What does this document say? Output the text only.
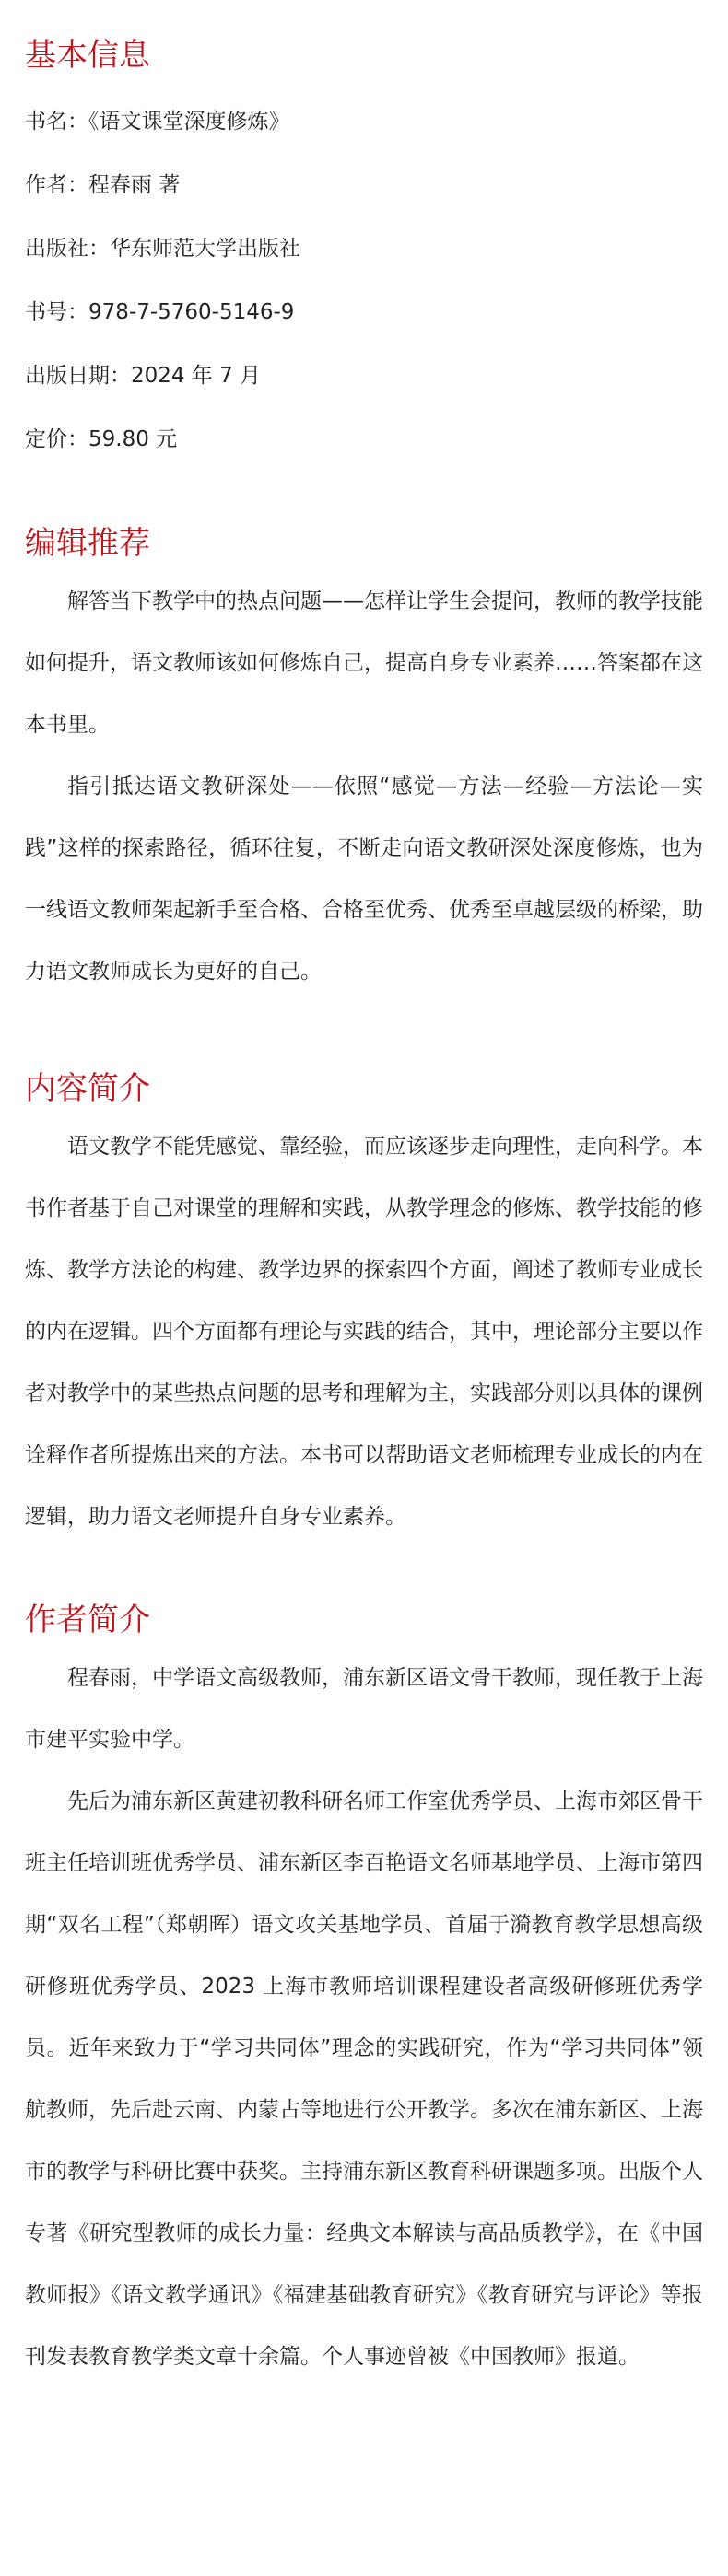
基本信息
书名：《语文课堂深度修炼》
作者：程春雨 著
出版社：华东师范大学出版社
书号：978-7-5760-5146-9
出版日期：2024 年 7 月
定价：59.80 元
编辑推荐

解答当下教学中的热点问题——怎样让学生会提问，教师的教学技能如何提升，语文教师该如何修炼自己，提高自身专业素养……答案都在这本书里。

指引抵达语文教研深处——依照“感觉—方法—经验—方法论—实践”这样的探索路径，循环往复，不断走向语文教研深处深度修炼，也为一线语文教师架起新手至合格、合格至优秀、优秀至卓越层级的桥梁，助力语文教师成长为更好的自己。

内容简介

语文教学不能凭感觉、靠经验，而应该逐步走向理性，走向科学。本书作者基于自己对课堂的理解和实践，从教学理念的修炼、教学技能的修炼、教学方法论的构建、教学边界的探索四个方面，阐述了教师专业成长的内在逻辑。四个方面都有理论与实践的结合，其中，理论部分主要以作者对教学中的某些热点问题的思考和理解为主，实践部分则以具体的课例诠释作者所提炼出来的方法。本书可以帮助语文老师梳理专业成长的内在逻辑，助力语文老师提升自身专业素养。

作者简介

程春雨，中学语文高级教师，浦东新区语文骨干教师，现任教于上海市建平实验中学。

先后为浦东新区黄建初教科研名师工作室优秀学员、上海市郊区骨干班主任培训班优秀学员、浦东新区李百艳语文名师基地学员、上海市第四期“双名工程”（郑朝晖）语文攻关基地学员、首届于漪教育教学思想高级研修班优秀学员、2023 上海市教师培训课程建设者高级研修班优秀学员。近年来致力于“学习共同体”理念的实践研究，作为“学习共同体”领航教师，先后赴云南、内蒙古等地进行公开教学。多次在浦东新区、上海市的教学与科研比赛中获奖。主持浦东新区教育科研课题多项。出版个人专著《研究型教师的成长力量：经典文本解读与高品质教学》，在《中国教师报》《语文教学通讯》《福建基础教育研究》《教育研究与评论》等报刊发表教育教学类文章十余篇。个人事迹曾被《中国教师》报道。
